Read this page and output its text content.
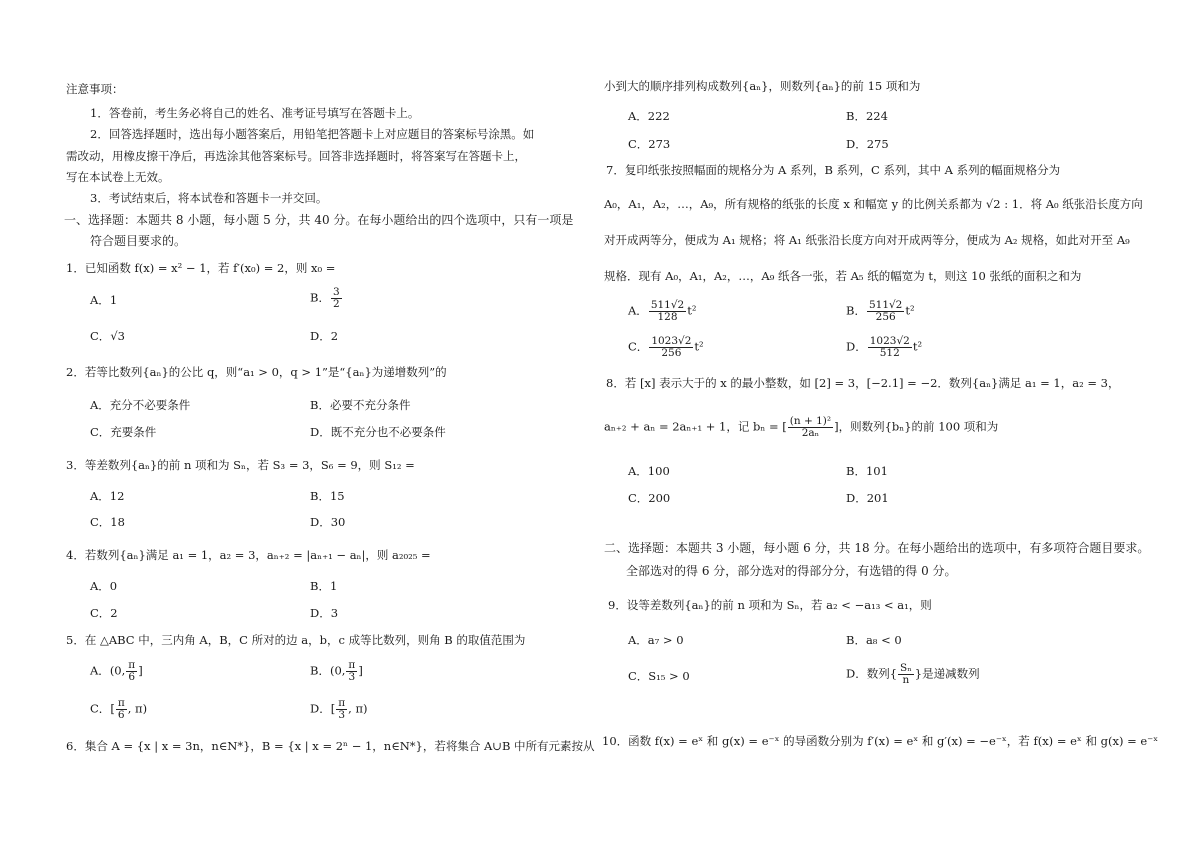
注意事项：
1．答卷前，考生务必将自己的姓名、准考证号填写在答题卡上。
2．回答选择题时，选出每小题答案后，用铅笔把答题卡上对应题目的答案标号涂黑。如
需改动，用橡皮擦干净后，再选涂其他答案标号。回答非选择题时，将答案写在答题卡上，
写在本试卷上无效。
3．考试结束后，将本试卷和答题卡一并交回。
一、选择题：本题共 8 小题，每小题 5 分，共 40 分。在每小题给出的四个选项中，只有一项是
符合题目要求的。
1．已知函数 f(x) = x² − 1，若 f′(x₀) = 2，则 x₀ =
A．1	B． $\frac{3}{2}$
C．√3	D．2
2．若等比数列{aₙ}的公比 q，则“a₁ > 0，q > 1”是“{aₙ}为递增数列”的
A．充分不必要条件	B．必要不充分条件
C．充要条件	D．既不充分也不必要条件
3．等差数列{aₙ}的前 n 项和为 Sₙ，若 S₃ = 3，S₆ = 9，则 S₁₂ =
A．12	B．15
C．18	D．30
4．若数列{aₙ}满足 a₁ = 1，a₂ = 3，aₙ₊₂ = |aₙ₊₁ − aₙ|，则 a₂₀₂₅ =
A．0	B．1
C．2	D．3
5．在 △ABC 中，三内角 A，B，C 所对的边 a，b，c 成等比数列，则角 B 的取值范围为
A．(0, $\frac{\pi}{6}$ ]	B．(0, $\frac{\pi}{3}$ ]
C．[ $\frac{\pi}{6}$ , π)	D．[ $\frac{\pi}{3}$ , π)
6．集合 A = {x | x = 3n，n∈N*}，B = {x | x = 2ⁿ − 1，n∈N*}，若将集合 A∪B 中所有元素按从
小到大的顺序排列构成数列{aₙ}，则数列{aₙ}的前 15 项和为
A．222	B．224
C．273	D．275
7．复印纸张按照幅面的规格分为 A 系列，B 系列，C 系列，其中 A 系列的幅面规格分为
A₀，A₁，A₂，…，A₉，所有规格的纸张的长度 x 和幅宽 y 的比例关系都为 √2 : 1．将 A₀ 纸张沿长度方向
对开成两等分，便成为 A₁ 规格；将 A₁ 纸张沿长度方向对开成两等分，便成为 A₂ 规格，如此对开至 A₉
规格．现有 A₀，A₁，A₂，…，A₉ 纸各一张，若 A₅ 纸的幅宽为 t，则这 10 张纸的面积之和为
A． $\frac{511√2}{128} t^2$	B． $\frac{511√2}{256} t^2$
C． $\frac{1023√2}{256} t^2$	D． $\frac{1023√2}{512} t^2$
8．若 [x] 表示大于的 x 的最小整数，如 [2] = 3，[−2.1] = −2．数列{aₙ}满足 a₁ = 1，a₂ = 3，
aₙ₊₂ + aₙ = 2aₙ₊₁ + 1，记 bₙ = [ $\frac{\text{(n + 1)²}}{\text{2aₙ}}$ ]，则数列{bₙ}的前 100 项和为
A．100	B．101
C．200	D．201
二、选择题：本题共 3 小题，每小题 6 分，共 18 分。在每小题给出的选项中，有多项符合题目要求。
全部选对的得 6 分，部分选对的得部分分，有选错的得 0 分。
9．设等差数列{aₙ}的前 n 项和为 Sₙ，若 a₂ < −a₁₃ < a₁，则
A．a₇ > 0	B．a₈ < 0
C．S₁₅ > 0	D．数列{ $\frac{\text{Sₙ}}{n}$ }是递减数列
10．函数 f(x) = eˣ 和 g(x) = e⁻ˣ 的导函数分别为 f′(x) = eˣ 和 g′(x) = −e⁻ˣ，若 f(x) = eˣ 和 g(x) = e⁻ˣ
